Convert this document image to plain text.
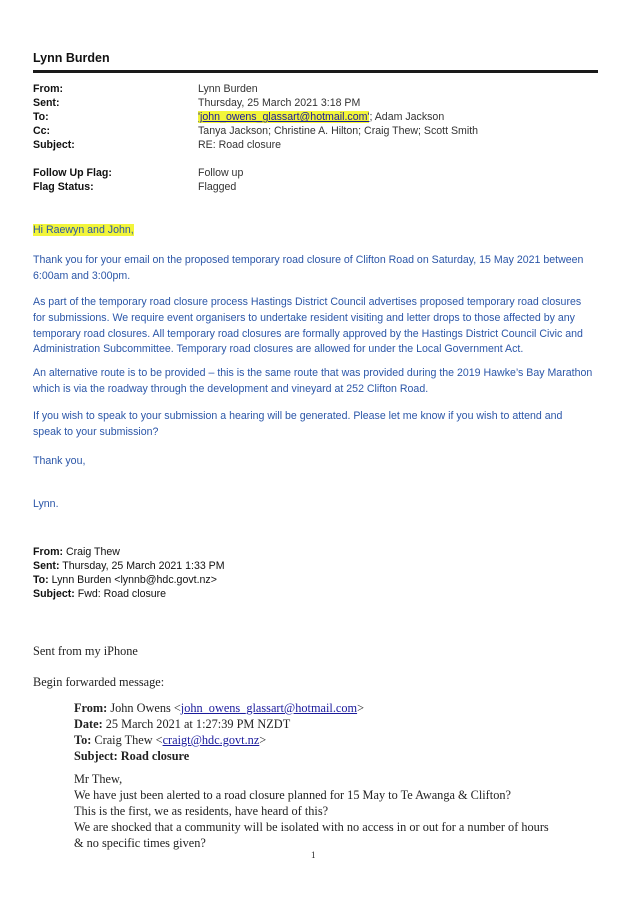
Lynn Burden
From:	Lynn Burden
Sent:	Thursday, 25 March 2021 3:18 PM
To:	'john_owens_glassart@hotmail.com'; Adam Jackson
Cc:	Tanya Jackson; Christine A. Hilton; Craig Thew; Scott Smith
Subject:	RE: Road closure
Follow Up Flag:	Follow up
Flag Status:	Flagged
Hi Raewyn and John,
Thank you for your email on the proposed temporary road closure of Clifton Road on Saturday, 15 May 2021 between 6:00am and 3:00pm.
As part of the temporary road closure process Hastings District Council advertises proposed temporary road closures for submissions. We require event organisers to undertake resident visiting and letter drops to those affected by any temporary road closures. All temporary road closures are formally approved by the Hastings District Council Civic and Administration Subcommittee. Temporary road closures are allowed for under the Local Government Act.
An alternative route is to be provided – this is the same route that was provided during the 2019 Hawke’s Bay Marathon which is via the roadway through the development and vineyard at 252 Clifton Road.
If you wish to speak to your submission a hearing will be generated. Please let me know if you wish to attend and speak to your submission?
Thank you,
Lynn.
From: Craig Thew
Sent: Thursday, 25 March 2021 1:33 PM
To: Lynn Burden <lynnb@hdc.govt.nz>
Subject: Fwd: Road closure
Sent from my iPhone
Begin forwarded message:
From: John Owens <john_owens_glassart@hotmail.com>
Date: 25 March 2021 at 1:27:39 PM NZDT
To: Craig Thew <craigt@hdc.govt.nz>
Subject: Road closure
Mr Thew,
We have just been alerted to a road closure planned for 15 May to Te Awanga & Clifton? This is the first, we as residents, have heard of this?
We are shocked that a community will be isolated with no access in or out for a number of hours & no specific times given?
1
